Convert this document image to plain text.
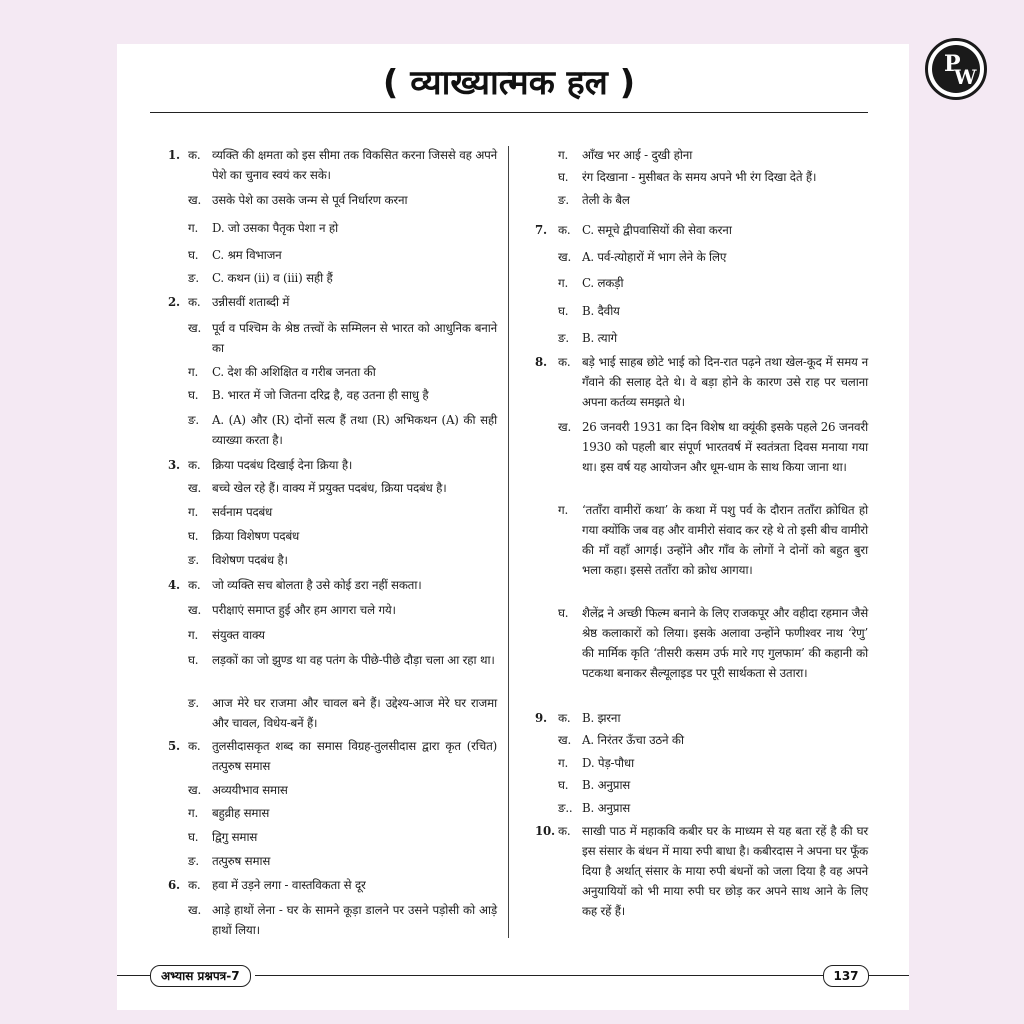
P
W
( व्याख्यात्मक हल )
1. क. व्यक्ति की क्षमता को इस सीमा तक विकसित करना जिससे वह अपने पेशे का चुनाव स्वयं कर सके।
ख. उसके पेशे का उसके जन्म से पूर्व निर्धारण करना
ग. D. जो उसका पैतृक पेशा न हो
घ. C. श्रम विभाजन
ङ. C. कथन (ii) व (iii) सही हैं
2. क. उन्नीसवीं शताब्दी में
ख. पूर्व व पश्चिम के श्रेष्ठ तत्त्वों के सम्मिलन से भारत को आधुनिक बनाने का
ग. C. देश की अशिक्षित व गरीब जनता की
घ. B. भारत में जो जितना दरिद्र है, वह उतना ही साधु है
ङ. A. (A) और (R) दोनों सत्य हैं तथा (R) अभिकथन (A) की सही व्याख्या करता है।
3. क. क्रिया पदबंध दिखाई देना क्रिया है।
ख. बच्चे खेल रहे हैं। वाक्य में प्रयुक्त पदबंध, क्रिया पदबंध है।
ग. सर्वनाम पदबंध
घ. क्रिया विशेषण पदबंध
ङ. विशेषण पदबंध है।
4. क. जो व्यक्ति सच बोलता है उसे कोई डरा नहीं सकता।
ख. परीक्षाएं समाप्त हुई और हम आगरा चले गये।
ग. संयुक्त वाक्य
घ. लड़कों का जो झुण्ड था वह पतंग के पीछे-पीछे दौड़ा चला आ रहा था।
ङ. आज मेरे घर राजमा और चावल बने हैं। उद्देश्य-आज मेरे घर राजमा और चावल, विधेय-बनें हैं।
5. क. तुलसीदासकृत शब्द का समास विग्रह-तुलसीदास द्वारा कृत (रचित) तत्पुरुष समास
ख. अव्ययीभाव समास
ग. बहुव्रीह समास
घ. द्विगु समास
ङ. तत्पुरुष समास
6. क. हवा में उड़ने लगा - वास्तविकता से दूर
ख. आड़े हाथों लेना - घर के सामने कूड़ा डालने पर उसने पड़ोसी को आड़े हाथों लिया।
ग. आँख भर आई - दुखी होना
घ. रंग दिखाना - मुसीबत के समय अपने भी रंग दिखा देते हैं।
ङ. तेली के बैल
7. क. C. समूचे द्वीपवासियों की सेवा करना
ख. A. पर्व-त्योहारों में भाग लेने के लिए
ग. C. लकड़ी
घ. B. दैवीय
ङ. B. त्यागे
8. क. बड़े भाई साहब छोटे भाई को दिन-रात पढ़ने तथा खेल-कूद में समय न गँवाने की सलाह देते थे। वे बड़ा होने के कारण उसे राह पर चलाना अपना कर्तव्य समझते थे।
ख. 26 जनवरी 1931 का दिन विशेष था क्यूंकी इसके पहले 26 जनवरी 1930 को पहली बार संपूर्ण भारतवर्ष में स्वतंत्रता दिवस मनाया गया था। इस वर्ष यह आयोजन और धूम-धाम के साथ किया जाना था।
ग. ‘तताँरा वामीरों कथा’ के कथा में पशु पर्व के दौरान तताँरा क्रोधित हो गया क्योंकि जब वह और वामीरो संवाद कर रहे थे तो इसी बीच वामीरो की माँ वहाँ आगई। उन्होंने और गाँव के लोगों ने दोनों को बहुत बुरा भला कहा। इससे तताँरा को क्रोध आगया।
घ. शैलेंद्र ने अच्छी फिल्म बनाने के लिए राजकपूर और वहीदा रहमान जैसे श्रेष्ठ कलाकारों को लिया। इसके अलावा उन्होंने फणीश्वर नाथ ‘रेणु’ की मार्मिक कृति ‘तीसरी कसम उर्फ मारे गए गुलफाम’ की कहानी को पटकथा बनाकर सैल्यूलाइड पर पूरी सार्थकता से उतारा।
9. क. B. झरना
ख. A. निरंतर ऊँचा उठने की
ग. D. पेड़-पौधा
घ. B. अनुप्रास
ङ.. B. अनुप्रास
10. क. साखी पाठ में महाकवि कबीर घर के माध्यम से यह बता रहें है की घर इस संसार के बंधन में माया रुपी बाधा है। कबीरदास ने अपना घर फूँक दिया है अर्थात् संसार के माया रुपी बंधनों को जला दिया है वह अपने अनुयायियों को भी माया रुपी घर छोड़ कर अपने साथ आने के लिए कह रहें हैं।
अभ्यास प्रश्नपत्र-7	137
